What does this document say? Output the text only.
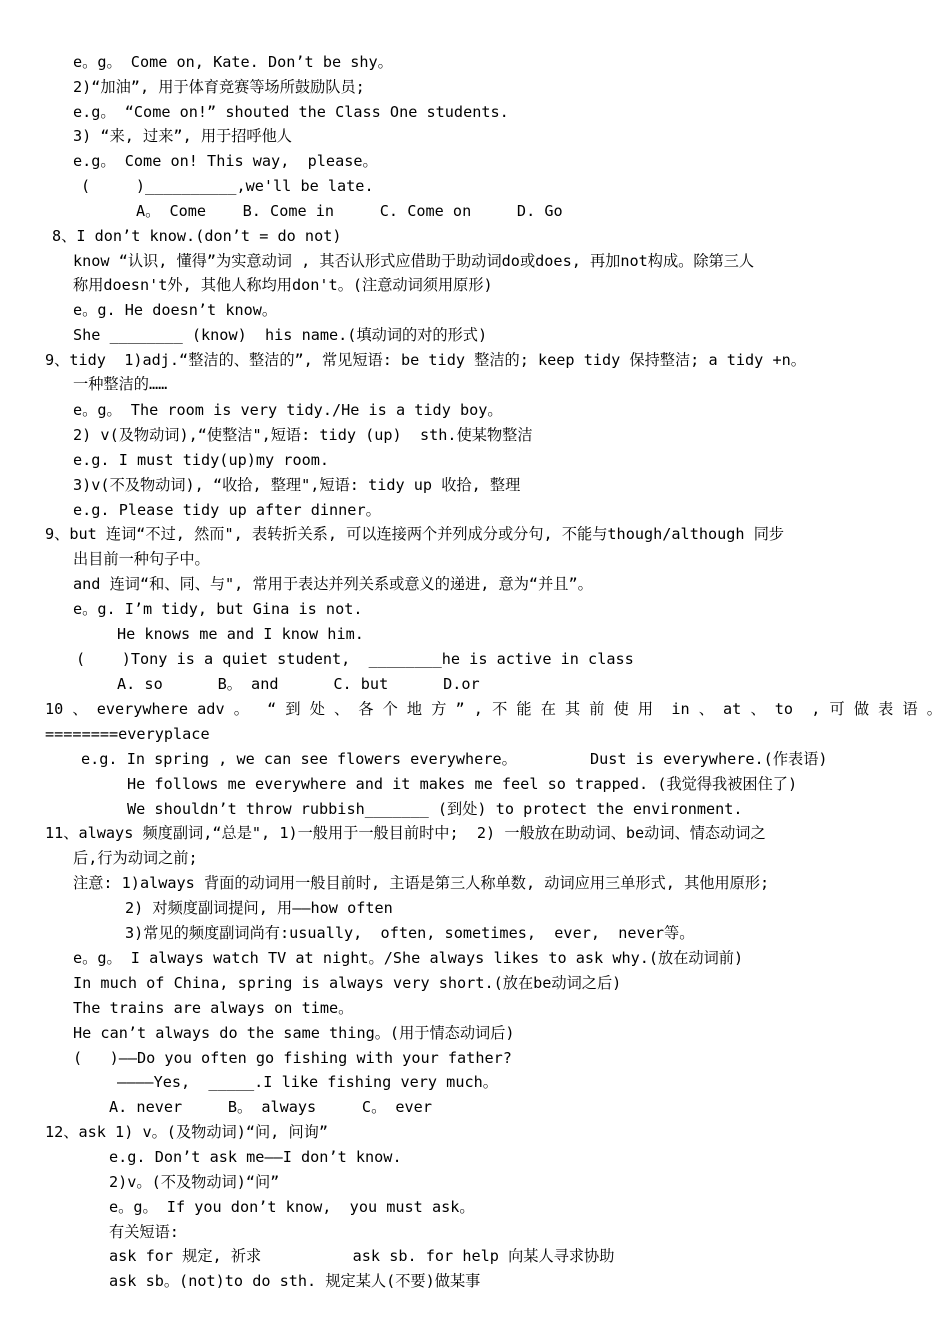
e。g。 Come on, Kate. Don’t be shy。
2)“加油”, 用于体育竞赛等场所鼓励队员;
e.g。 “Come on!” shouted the Class One students.
3) “来, 过来”, 用于招呼他人
e.g。 Come on! This way,  please。
(     )__________,we'll be late.
A。 Come    B. Come in     C. Come on     D. Go
8、I don’t know.(don’t = do not)
know “认识, 懂得”为实意动词 , 其否认形式应借助于助动词do或does, 再加not构成。除第三人
称用doesn't外, 其他人称均用don't。(注意动词须用原形)
e。g. He doesn’t know。
She ________ (know)  his name.(填动词的对的形式)
9、tidy  1)adj.“整洁的、整洁的”, 常见短语: be tidy 整洁的; keep tidy 保持整洁; a tidy +n。
一种整洁的……
e。g。 The room is very tidy./He is a tidy boy。
2) v(及物动词),“使整洁",短语: tidy (up)  sth.使某物整洁
e.g. I must tidy(up)my room.
3)v(不及物动词), “收拾, 整理",短语: tidy up 收拾, 整理
e.g. Please tidy up after dinner。
9、but 连词“不过, 然而", 表转折关系, 可以连接两个并列成分或分句, 不能与though/although 同步
出目前一种句子中。
and 连词“和、同、与", 常用于表达并列关系或意义的递进, 意为“并且”。
e。g. I’m tidy, but Gina is not.
He knows me and I know him.
(    )Tony is a quiet student,  ________he is active in class
A. so      B。 and      C. but      D.or
10 、 everywhere adv 。  “ 到 处 、 各 个 地 方 ” , 不 能 在 其 前 使 用  in 、 at 、 to  , 可 做 表 语 。
========everyplace
e.g. In spring , we can see flowers everywhere。        Dust is everywhere.(作表语)
He follows me everywhere and it makes me feel so trapped. (我觉得我被困住了)
We shouldn’t throw rubbish_______ (到处) to protect the environment.
11、always 频度副词,“总是", 1)一般用于一般目前时中;  2) 一般放在助动词、be动词、情态动词之
后,行为动词之前;
注意: 1)always 背面的动词用一般目前时, 主语是第三人称单数, 动词应用三单形式, 其他用原形;
2) 对频度副词提问, 用——how often
3)常见的频度副词尚有:usually,  often, sometimes,  ever,  never等。
e。g。 I always watch TV at night。/She always likes to ask why.(放在动词前)
In much of China, spring is always very short.(放在be动词之后)
The trains are always on time。
He can’t always do the same thing。(用于情态动词后)
(   )——Do you often go fishing with your father?
————Yes,  _____.I like fishing very much。
A. never     B。 always     C。 ever
12、ask 1) v。(及物动词)“问, 问询”
e.g. Don’t ask me——I don’t know.
2)v。(不及物动词)“问”
e。g。 If you don’t know,  you must ask。
有关短语:
ask for 规定, 祈求          ask sb. for help 向某人寻求协助
ask sb。(not)to do sth. 规定某人(不要)做某事
